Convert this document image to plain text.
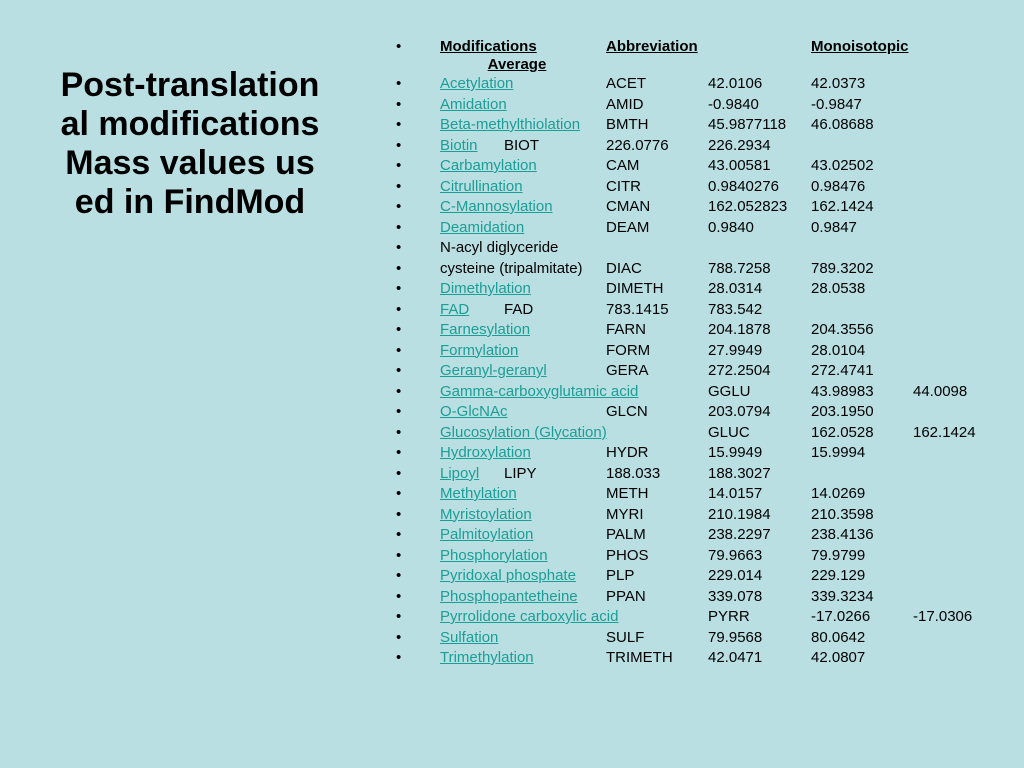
Post-translational modifications Mass values used in FindMod
•	Modifications	Abbreviation	Monoisotopic
Average
•	Acetylation	ACET	42.0106	42.0373
•	Amidation	AMID	-0.9840	-0.9847
•	Beta-methylthiolation BMTH	45.9877118 46.08688
•	Biotin BIOT	226.0776	226.2934
•	Carbamylation	CAM	43.00581	43.02502
•	Citrullination	CITR	0.9840276 0.98476
•	C-Mannosylation	CMAN	162.052823 162.1424
•	Deamidation	DEAM	0.9840	0.9847
•	N-acyl diglyceride
•	cysteine (tripalmitate) DIAC	788.7258	789.3202
•	Dimethylation	DIMETH	28.0314	28.0538
•	FAD FAD	783.1415	783.542
•	Farnesylation	FARN	204.1878	204.3556
•	Formylation	FORM	27.9949	28.0104
•	Geranyl-geranyl	GERA	272.2504	272.4741
•	Gamma-carboxyglutamic acid	GGLU	43.98983	44.0098
•	O-GlcNAc	GLCN	203.0794	203.1950
•	Glucosylation (Glycation)	GLUC	162.0528	162.1424
•	Hydroxylation	HYDR	15.9949	15.9994
•	Lipoyl LIPY	188.033	188.3027
•	Methylation	METH	14.0157	14.0269
•	Myristoylation	MYRI	210.1984	210.3598
•	Palmitoylation	PALM	238.2297	238.4136
•	Phosphorylation	PHOS	79.9663	79.9799
•	Pyridoxal phosphate PLP	229.014	229.129
•	Phosphopantetheine PPAN	339.078	339.3234
•	Pyrrolidone carboxylic acid	PYRR	-17.0266	-17.0306
•	Sulfation	SULF	79.9568	80.0642
•	Trimethylation	TRIMETH 42.0471	42.0807
